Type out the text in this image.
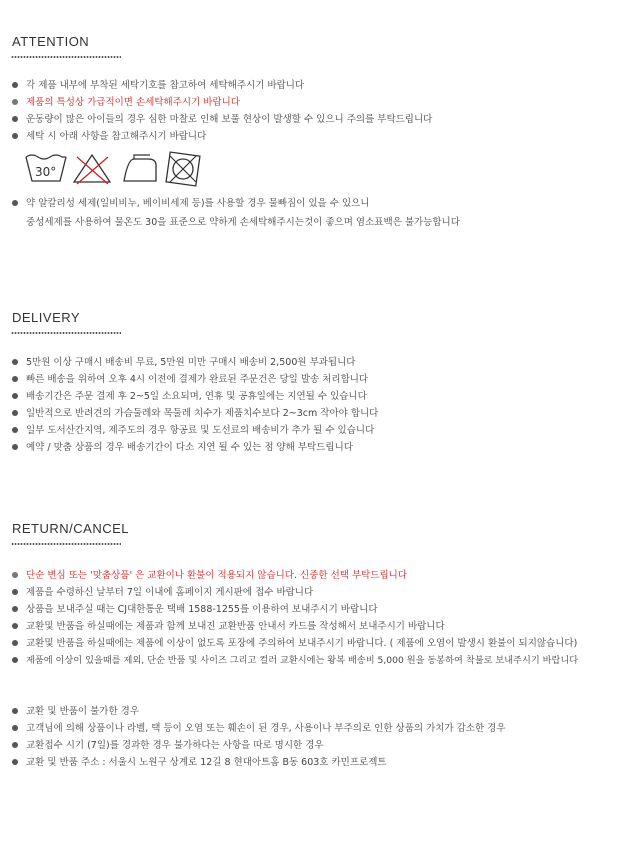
ATTENTION
각 제품 내부에 부착된 세탁기호를 참고하여 세탁해주시기 바랍니다
제품의 특성상 가급적이면 손세탁해주시기 바랍니다
운동량이 많은 아이들의 경우 심한 마찰로 인해 보풀 현상이 발생할 수 있으니 주의를 부탁드립니다
세탁 시 아래 사항을 참고해주시기 바랍니다
30°
약 알칼리성 세제(일비비누, 베이비세제 등)를 사용할 경우 물빠짐이 있을 수 있으니
중성세제를 사용하여 물온도 30을 표준으로 약하게 손세탁해주시는것이 좋으며 염소표백은 불가능합니다
DELIVERY
5만원 이상 구매시 배송비 무료, 5만원 미만 구매시 배송비 2,500원 부과됩니다
빠른 배송을 위하여 오후 4시 이전에 결제가 완료된 주문건은 당일 발송 처리합니다
배송기간은 주문 결제 후 2~5일 소요되며, 연휴 및 공휴일에는 지연될 수 있습니다
일반적으로 반려견의 가슴둘레와 목둘레 치수가 제품치수보다 2~3cm 작아야 합니다
일부 도서산간지역, 제주도의 경우 항공료 및 도선료의 배송비가 추가 될 수 있습니다
예약 / 맞춤 상품의 경우 배송기간이 다소 지연 될 수 있는 점 양해 부탁드립니다
RETURN/CANCEL
단순 변심 또는 '맞춤상품' 은 교환이나 환불이 적용되지 않습니다. 신중한 선택 부탁드립니다
제품을 수령하신 날부터 7일 이내에 홈페이지 게시판에 접수 바랍니다
상품을 보내주실 때는 CJ대한통운 택배 1588-1255를 이용하여 보내주시기 바랍니다
교환및 반품을 하실때에는 제품과 함께 보내진 교환반품 안내서 카드를 작성해서 보내주시기 바랍니다
교환및 반품을 하실때에는 제품에 이상이 없도록 포장에 주의하여 보내주시기 바랍니다. ( 제품에 오염이 발생시 환불이 되지않습니다)
제품에 이상이 있을때를 제외, 단순 반품 및 사이즈 그리고 컬러 교환시에는 왕복 배송비 5,000 원을 동봉하여 착불로 보내주시기 바랍니다
교환 및 반품이 불가한 경우
고객님에 의해 상품이나 라벨, 택 등이 오염 또는 훼손이 된 경우, 사용이나 부주의로 인한 상품의 가치가 감소한 경우
교환접수 시기 (7일)를 경과한 경우 불가하다는 사항을 따로 명시한 경우
교환 및 반품 주소 : 서울시 노원구 상계로 12길 8 현대아트홈 B동 603호 카민프로젝트
